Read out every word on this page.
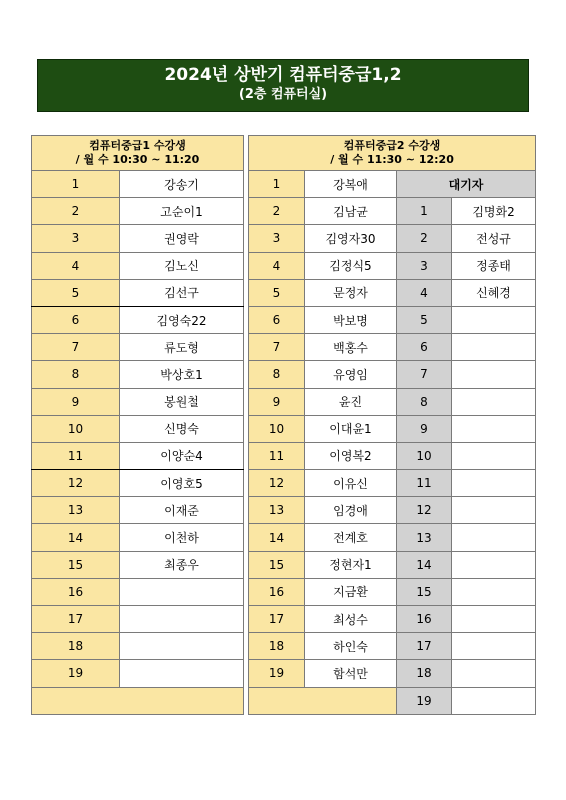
2024년 상반기 컴퓨터중급1,2
(2층 컴퓨터실)
컴퓨터중급1 수강생
/ 월 수 10:30 ~ 11:20	

1	강송기
2	고순이1
3	권영락
4	김노신
5	김선구
6	김영숙22
7	류도형
8	박상호1
9	봉원철
10	신명숙
11	이양순4
12	이영호5
13	이재준
14	이천하
15	최종우
16	
17	
18	
19	

컴퓨터중급2 수강생
/ 월 수 11:30 ~ 12:20			

1	강복애	대기자	
2	김남균	1	김명화2
3	김영자30	2	전성규
4	김정식5	3	정종태
5	문정자	4	신혜경
6	박보명	5	
7	백홍수	6	
8	유영임	7	
9	윤진	8	
10	이대윤1	9	
11	이영복2	10	
12	이유신	11	
13	임경애	12	
14	전계호	13	
15	정현자1	14	
16	지금환	15	
17	최성수	16	
18	하인숙	17	
19	함석만	18	
		19	
